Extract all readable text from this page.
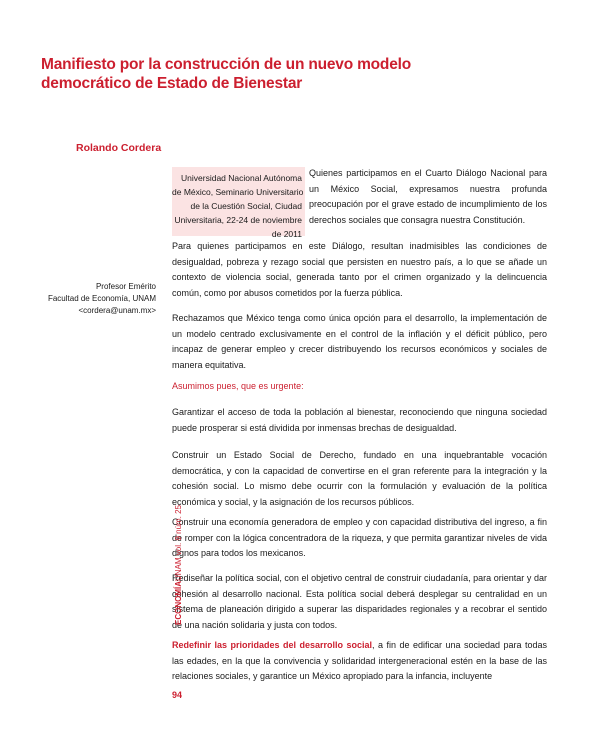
Manifiesto por la construcción de un nuevo modelo
democrático de Estado de Bienestar
Rolando Cordera
Universidad Nacional Autónoma
de México, Seminario Universitario
de la Cuestión Social, Ciudad
Universitaria, 22-24 de noviembre
de 2011
Quienes participamos en el Cuarto Diálogo Nacional para un México Social, expresamos nuestra profunda preocupación por el grave estado de incumplimiento de los derechos sociales que consagra nuestra Constitución.
Profesor Emérito
Facultad de Economía, UNAM
<cordera@unam.mx>
Para quienes participamos en este Diálogo, resultan inadmisibles las condiciones de desigualdad, pobreza y rezago social que persisten en nuestro país, a lo que se añade un contexto de violencia social, generada tanto por el crimen organizado y la delincuencia común, como por abusos cometidos por la fuerza pública.
Rechazamos que México tenga como única opción para el desarrollo, la implementación de un modelo centrado exclusivamente en el control de la inflación y el déficit público, pero incapaz de generar empleo y crecer distribuyendo los recursos económicos y sociales de manera equitativa.
Asumimos pues, que es urgente:
Garantizar el acceso de toda la población al bienestar, reconociendo que ninguna sociedad puede prosperar si está dividida por inmensas brechas de desigualdad.
Construir un Estado Social de Derecho, fundado en una inquebrantable vocación democrática, y con la capacidad de convertirse en el gran referente para la integración y la cohesión social. Lo mismo debe ocurrir con la formulación y evaluación de la política económica y social, y la asignación de los recursos públicos.
Construir una economía generadora de empleo y con capacidad distributiva del ingreso, a fin de romper con la lógica concentradora de la riqueza, y que permita garantizar niveles de vida dignos para todos los mexicanos.
Rediseñar la política social, con el objetivo central de construir ciudadanía, para orientar y dar cohesión al desarrollo nacional. Esta política social deberá desplegar su centralidad en un sistema de planeación dirigido a superar las disparidades regionales y a recobrar el sentido de una nación solidaria y justa con todos.
Redefinir las prioridades del desarrollo social, a fin de edificar una sociedad para todas las edades, en la que la convivencia y solidaridad intergeneracional estén en la base de las relaciones sociales, y garantice un México apropiado para la infancia, incluyente
ECONOMÍAUNAM vol. 9 núm. 25
94
